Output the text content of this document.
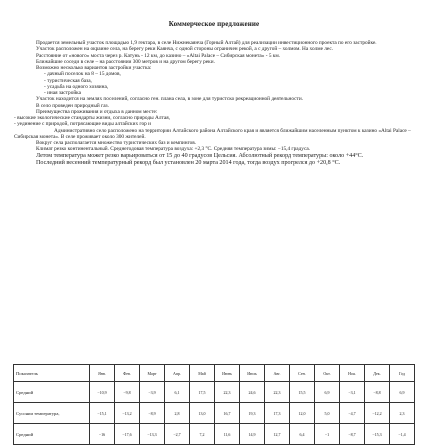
Коммерческое предложение

Продается земельный участок площадью 1,9 гектара, в селе Нижнекаянча (Горный Алтай) для реализации инвестиционного проекта по его застройке.

Участок расположен на окраине села, на берегу реки Каянча, с одной стороны ограничен рекой, а с другой – холмом. На холме лес.

Расстояние от «нового» моста через р. Катунь - 12 км, до казино – «Altai Palace – Сибирская монета» - 5 км.

Ближайшие соседи в селе – на расстоянии 300 метров и на другом берегу реки.

Возможно несколько вариантов застройки участка:

- дачный поселок на 8 – 15 домов,

- туристическая база,

- усадьба на одного хозяина,

- иная застройка

Участок находится на землях поселений, согласно ген. плана села, в зоне для туристско рекреационной деятельности.

В село проведен природный газ.

Преимущества проживания и отдыха в данном месте:

- высокие экологические стандарты жизни, согласно природы Алтая,

- уединение с природой, потрясающие виды алтайских гор и

Административно село расположено на территории Алтайского района Алтайского края и является ближайшим населенным пунктом к казино «Altai Palace – Сибирская монета». В селе проживает около 300 жителей.

Вокруг села располагается множество туристических баз и кемпингов.

Климат резко континентальный. Среднегодовая температура воздуха: +2,3 °C. Средняя температура зимы: −15,4 градуса.

Летом температура может резко варьироваться от 15 до 40 градусов Цельсия. Абсолютный рекорд температуры: около +44°C.

Последний весенний температурный рекорд был установлен 20 марта 2014 года, тогда воздух прогрелся до +20,8 °C.

Показатель	Янв.	Фев.	Март	Апр.	Май	Июнь	Июль	Авг.	Сен.	Окт.	Ноя.	Дек.	Год
Средний	−10,9	−9,8	−3,9	6,1	17,5	22,3	24,6	22,3	15,5	6,9	−3,1	−8,8	6,9
Сусонии температура,	−15,1	−13,2	−8,9	2,8	13,0	16,7	19,3	17,3	12,0	5,0	−4,7	−12,2	2,3
Средний	−16	−17,6	−13,3	−2,7	7,2	11,6	14,9	12,7	6,4	−1	−8,7	−15,3	−1,4
